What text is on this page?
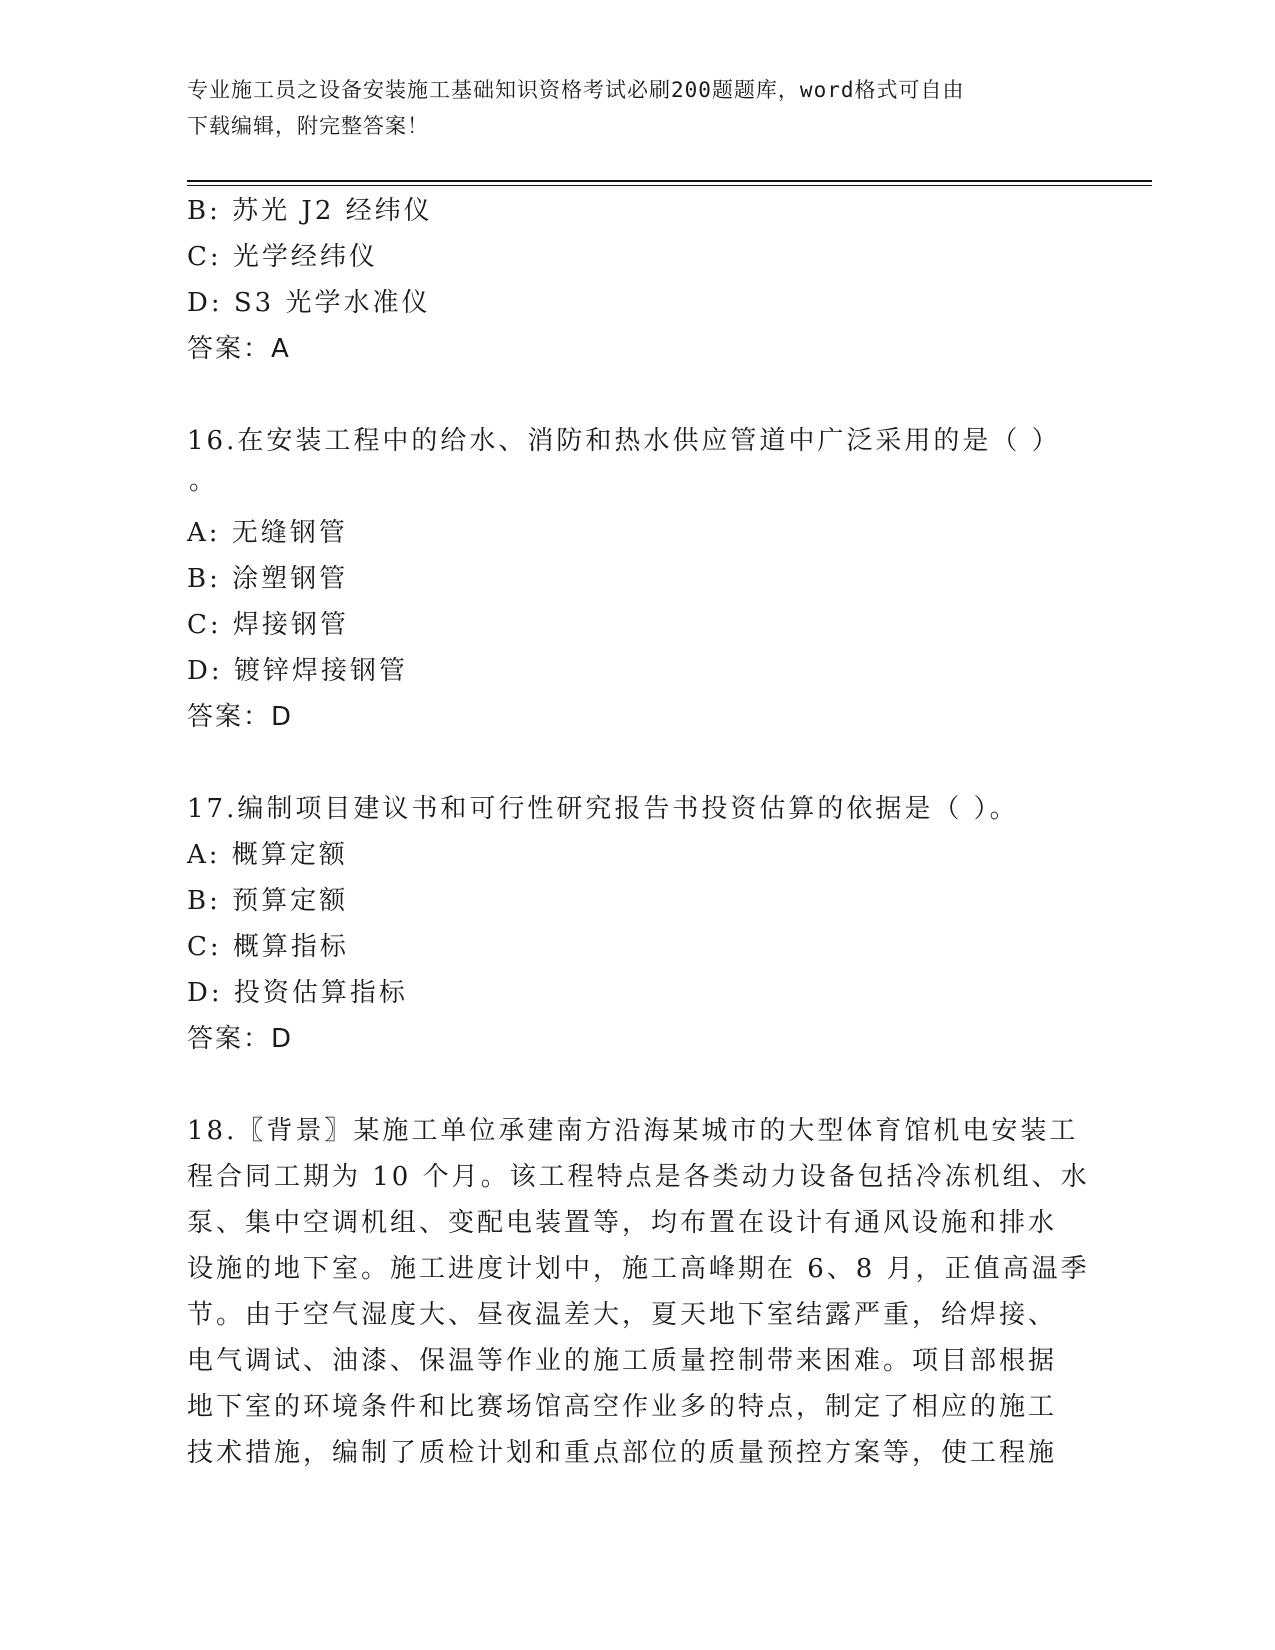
专业施工员之设备安装施工基础知识资格考试必刷200题题库，word格式可自由
下载编辑，附完整答案！
B: 苏光 J2 经纬仪
C: 光学经纬仪
D: S3 光学水准仪
答案：A
16.在安装工程中的给水、消防和热水供应管道中广泛采用的是（ ）
。
A: 无缝钢管
B: 涂塑钢管
C: 焊接钢管
D: 镀锌焊接钢管
答案：D
17.编制项目建议书和可行性研究报告书投资估算的依据是（ ）。
A: 概算定额
B: 预算定额
C: 概算指标
D: 投资估算指标
答案：D
18.〖背景〗某施工单位承建南方沿海某城市的大型体育馆机电安装工
程合同工期为 10 个月。该工程特点是各类动力设备包括冷冻机组、水
泵、集中空调机组、变配电装置等，均布置在设计有通风设施和排水
设施的地下室。施工进度计划中，施工高峰期在 6、8 月，正值高温季
节。由于空气湿度大、昼夜温差大，夏天地下室结露严重，给焊接、
电气调试、油漆、保温等作业的施工质量控制带来困难。项目部根据
地下室的环境条件和比赛场馆高空作业多的特点，制定了相应的施工
技术措施，编制了质检计划和重点部位的质量预控方案等，使工程施
